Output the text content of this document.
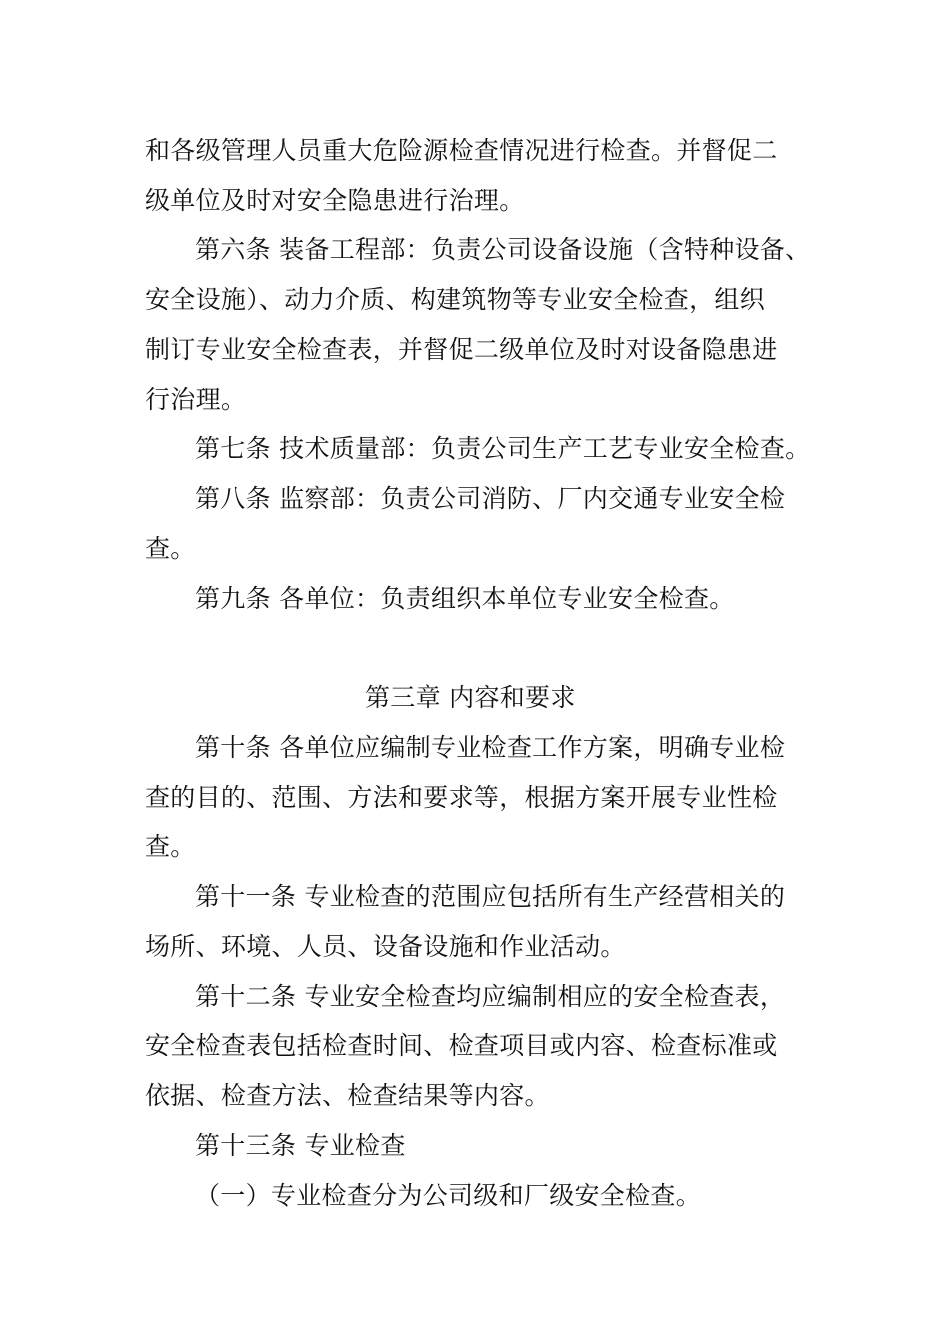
和各级管理人员重大危险源检查情况进行检查。并督促二
级单位及时对安全隐患进行治理。
第六条 装备工程部：负责公司设备设施（含特种设备、
安全设施）、动力介质、构建筑物等专业安全检查，组织
制订专业安全检查表，并督促二级单位及时对设备隐患进
行治理。
第七条 技术质量部：负责公司生产工艺专业安全检查。
第八条 监察部：负责公司消防、厂内交通专业安全检
查。
第九条 各单位：负责组织本单位专业安全检查。
第三章 内容和要求
第十条 各单位应编制专业检查工作方案，明确专业检
查的目的、范围、方法和要求等，根据方案开展专业性检
查。
第十一条 专业检查的范围应包括所有生产经营相关的
场所、环境、人员、设备设施和作业活动。
第十二条 专业安全检查均应编制相应的安全检查表，
安全检查表包括检查时间、检查项目或内容、检查标准或
依据、检查方法、检查结果等内容。
第十三条 专业检查
（一）专业检查分为公司级和厂级安全检查。
